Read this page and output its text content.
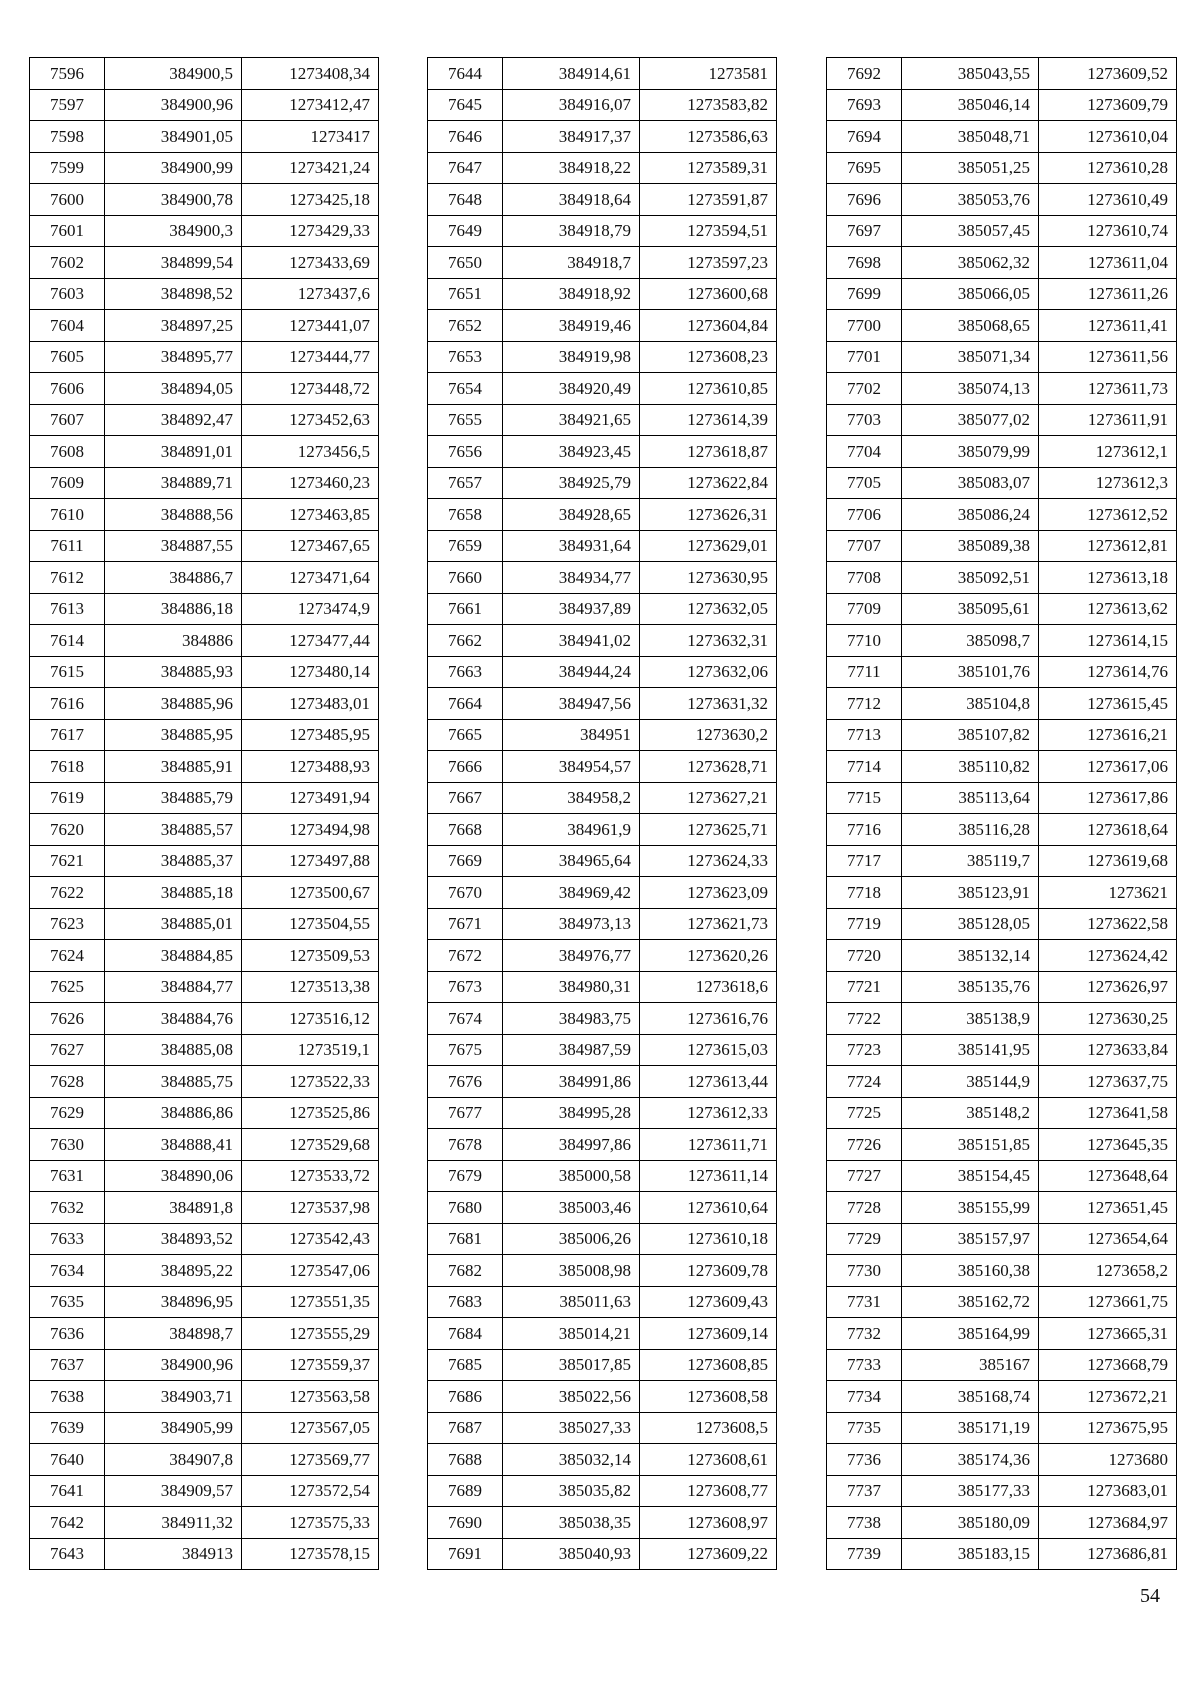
7596	384900,5	1273408,34
7597	384900,96	1273412,47
7598	384901,05	1273417
7599	384900,99	1273421,24
7600	384900,78	1273425,18
7601	384900,3	1273429,33
7602	384899,54	1273433,69
7603	384898,52	1273437,6
7604	384897,25	1273441,07
7605	384895,77	1273444,77
7606	384894,05	1273448,72
7607	384892,47	1273452,63
7608	384891,01	1273456,5
7609	384889,71	1273460,23
7610	384888,56	1273463,85
7611	384887,55	1273467,65
7612	384886,7	1273471,64
7613	384886,18	1273474,9
7614	384886	1273477,44
7615	384885,93	1273480,14
7616	384885,96	1273483,01
7617	384885,95	1273485,95
7618	384885,91	1273488,93
7619	384885,79	1273491,94
7620	384885,57	1273494,98
7621	384885,37	1273497,88
7622	384885,18	1273500,67
7623	384885,01	1273504,55
7624	384884,85	1273509,53
7625	384884,77	1273513,38
7626	384884,76	1273516,12
7627	384885,08	1273519,1
7628	384885,75	1273522,33
7629	384886,86	1273525,86
7630	384888,41	1273529,68
7631	384890,06	1273533,72
7632	384891,8	1273537,98
7633	384893,52	1273542,43
7634	384895,22	1273547,06
7635	384896,95	1273551,35
7636	384898,7	1273555,29
7637	384900,96	1273559,37
7638	384903,71	1273563,58
7639	384905,99	1273567,05
7640	384907,8	1273569,77
7641	384909,57	1273572,54
7642	384911,32	1273575,33
7643	384913	1273578,15
7644	384914,61	1273581
7645	384916,07	1273583,82
7646	384917,37	1273586,63
7647	384918,22	1273589,31
7648	384918,64	1273591,87
7649	384918,79	1273594,51
7650	384918,7	1273597,23
7651	384918,92	1273600,68
7652	384919,46	1273604,84
7653	384919,98	1273608,23
7654	384920,49	1273610,85
7655	384921,65	1273614,39
7656	384923,45	1273618,87
7657	384925,79	1273622,84
7658	384928,65	1273626,31
7659	384931,64	1273629,01
7660	384934,77	1273630,95
7661	384937,89	1273632,05
7662	384941,02	1273632,31
7663	384944,24	1273632,06
7664	384947,56	1273631,32
7665	384951	1273630,2
7666	384954,57	1273628,71
7667	384958,2	1273627,21
7668	384961,9	1273625,71
7669	384965,64	1273624,33
7670	384969,42	1273623,09
7671	384973,13	1273621,73
7672	384976,77	1273620,26
7673	384980,31	1273618,6
7674	384983,75	1273616,76
7675	384987,59	1273615,03
7676	384991,86	1273613,44
7677	384995,28	1273612,33
7678	384997,86	1273611,71
7679	385000,58	1273611,14
7680	385003,46	1273610,64
7681	385006,26	1273610,18
7682	385008,98	1273609,78
7683	385011,63	1273609,43
7684	385014,21	1273609,14
7685	385017,85	1273608,85
7686	385022,56	1273608,58
7687	385027,33	1273608,5
7688	385032,14	1273608,61
7689	385035,82	1273608,77
7690	385038,35	1273608,97
7691	385040,93	1273609,22
7692	385043,55	1273609,52
7693	385046,14	1273609,79
7694	385048,71	1273610,04
7695	385051,25	1273610,28
7696	385053,76	1273610,49
7697	385057,45	1273610,74
7698	385062,32	1273611,04
7699	385066,05	1273611,26
7700	385068,65	1273611,41
7701	385071,34	1273611,56
7702	385074,13	1273611,73
7703	385077,02	1273611,91
7704	385079,99	1273612,1
7705	385083,07	1273612,3
7706	385086,24	1273612,52
7707	385089,38	1273612,81
7708	385092,51	1273613,18
7709	385095,61	1273613,62
7710	385098,7	1273614,15
7711	385101,76	1273614,76
7712	385104,8	1273615,45
7713	385107,82	1273616,21
7714	385110,82	1273617,06
7715	385113,64	1273617,86
7716	385116,28	1273618,64
7717	385119,7	1273619,68
7718	385123,91	1273621
7719	385128,05	1273622,58
7720	385132,14	1273624,42
7721	385135,76	1273626,97
7722	385138,9	1273630,25
7723	385141,95	1273633,84
7724	385144,9	1273637,75
7725	385148,2	1273641,58
7726	385151,85	1273645,35
7727	385154,45	1273648,64
7728	385155,99	1273651,45
7729	385157,97	1273654,64
7730	385160,38	1273658,2
7731	385162,72	1273661,75
7732	385164,99	1273665,31
7733	385167	1273668,79
7734	385168,74	1273672,21
7735	385171,19	1273675,95
7736	385174,36	1273680
7737	385177,33	1273683,01
7738	385180,09	1273684,97
7739	385183,15	1273686,81
54
